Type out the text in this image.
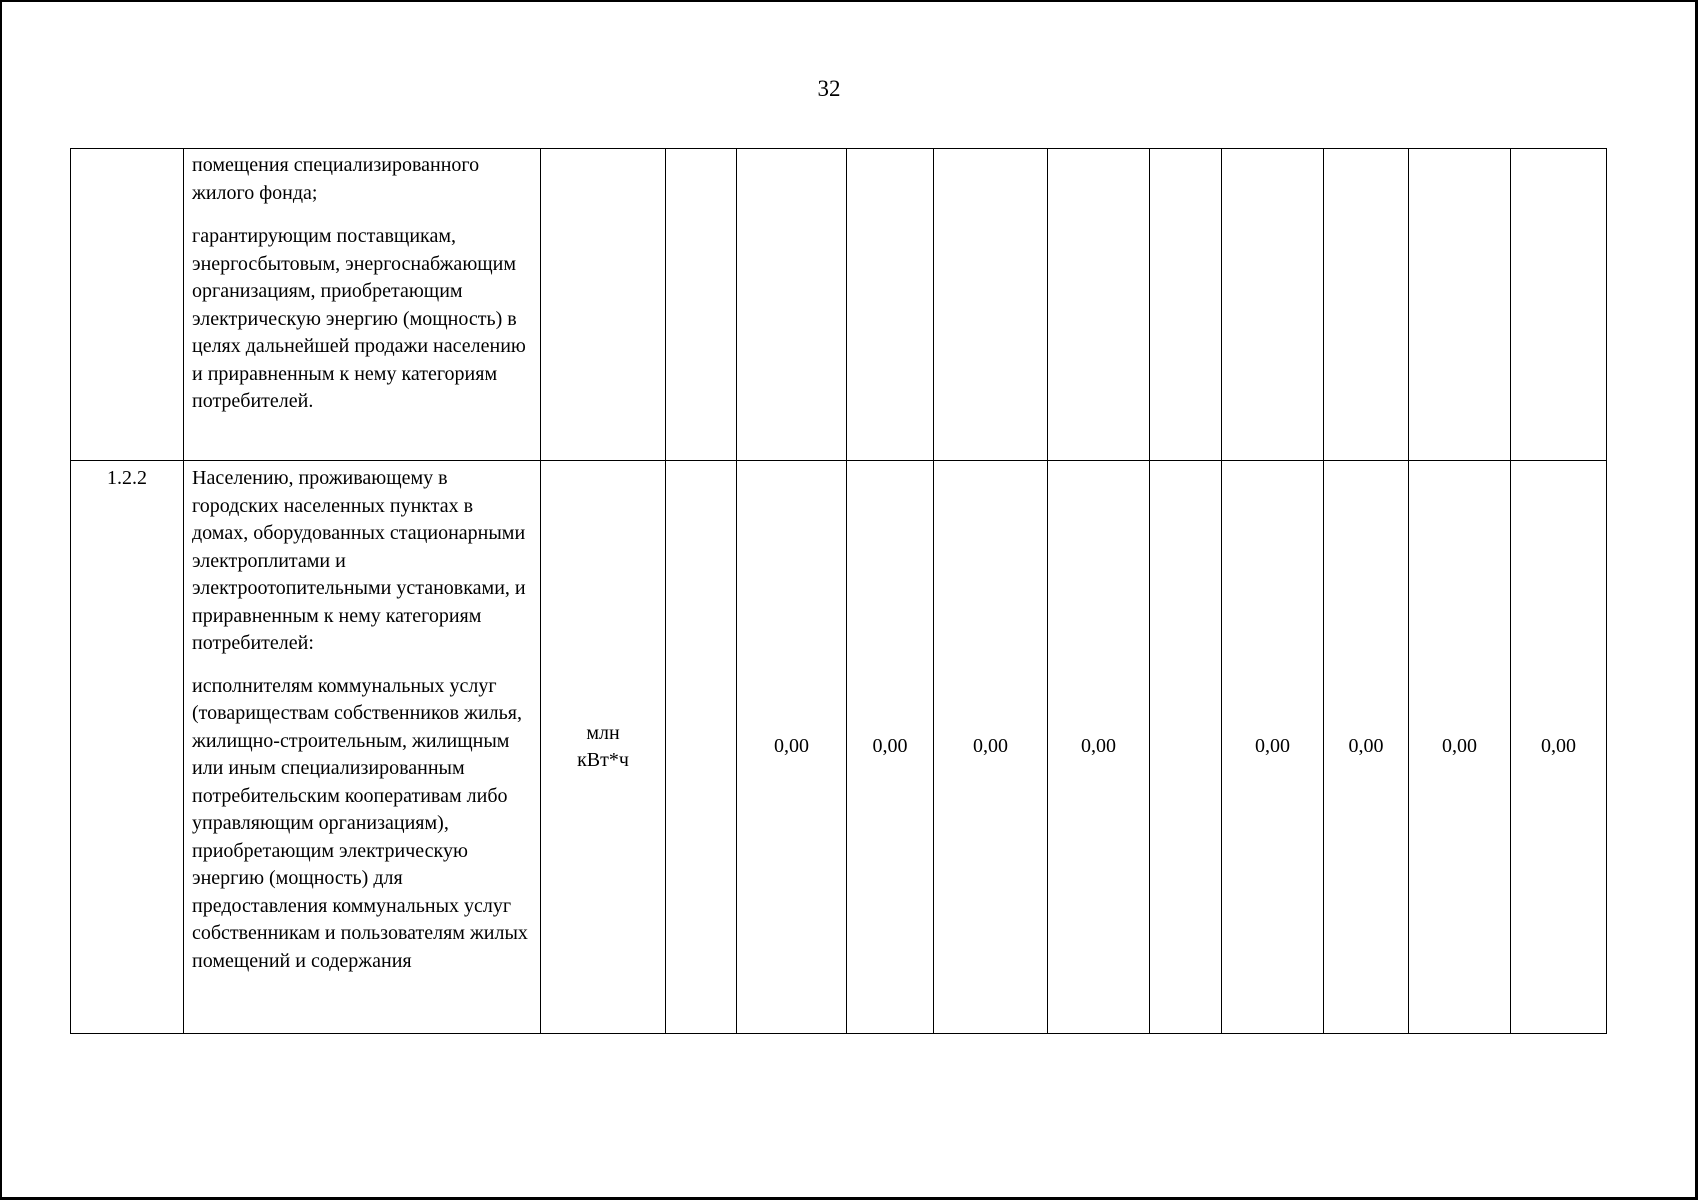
32

	помещения специализированного жилого фонда;

гарантирующим поставщикам, энергосбытовым, энергоснабжающим организациям, приобретающим электрическую энергию (мощность) в целях дальнейшей продажи населению и приравненным к нему категориям потребителей.											

1.2.2	Населению, проживающему в городских населенных пунктах в домах, оборудованных стационарными электроплитами и электроотопительными установками, и приравненным к нему категориям потребителей:

исполнителям коммунальных услуг (товариществам собственников жилья, жилищно-строительным, жилищным или иным специализированным потребительским кооперативам либо управляющим организациям), приобретающим электрическую энергию (мощность) для предоставления коммунальных услуг собственникам и пользователям жилых помещений и содержания	млн кВт*ч		0,00	0,00	0,00	0,00		0,00	0,00	0,00	0,00
